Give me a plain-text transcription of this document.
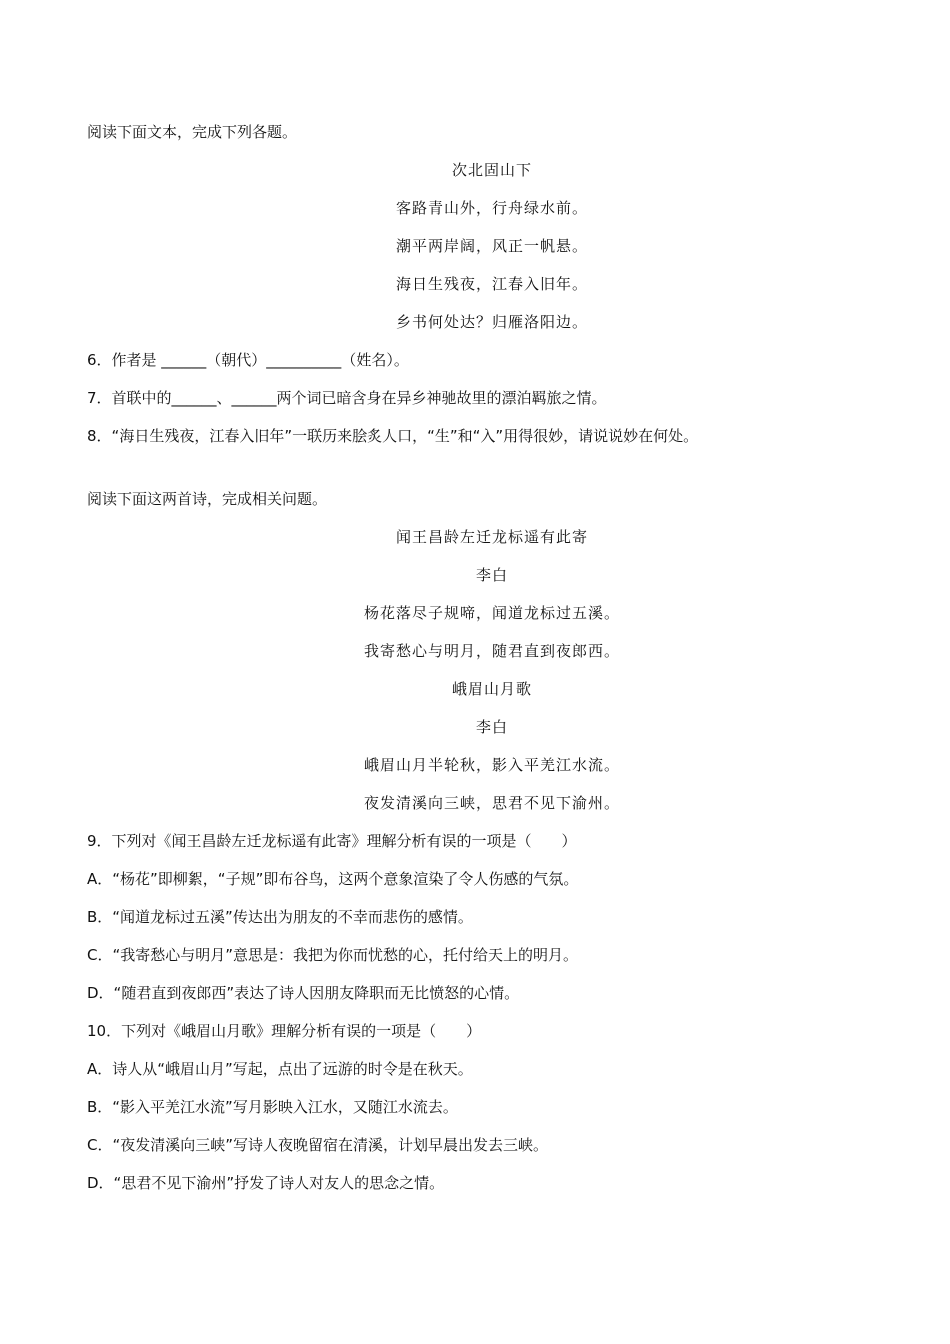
阅读下面文本，完成下列各题。
次北固山下
客路青山外，行舟绿水前。
潮平两岸阔，风正一帆悬。
海日生残夜，江春入旧年。
乡书何处达？归雁洛阳边。
6．作者是 ______（朝代）__________（姓名）。
7．首联中的______、______两个词已暗含身在异乡神驰故里的漂泊羁旅之情。
8．“海日生残夜，江春入旧年”一联历来脍炙人口，“生”和“入”用得很妙，请说说妙在何处。
阅读下面这两首诗，完成相关问题。
闻王昌龄左迁龙标遥有此寄
李白
杨花落尽子规啼，闻道龙标过五溪。
我寄愁心与明月，随君直到夜郎西。
峨眉山月歌
李白
峨眉山月半轮秋，影入平羌江水流。
夜发清溪向三峡，思君不见下渝州。
9．下列对《闻王昌龄左迁龙标遥有此寄》理解分析有误的一项是（　　）
A．“杨花”即柳絮，“子规”即布谷鸟，这两个意象渲染了令人伤感的气氛。
B．“闻道龙标过五溪”传达出为朋友的不幸而悲伤的感情。
C．“我寄愁心与明月”意思是：我把为你而忧愁的心，托付给天上的明月。
D．“随君直到夜郎西”表达了诗人因朋友降职而无比愤怒的心情。
10．下列对《峨眉山月歌》理解分析有误的一项是（　　）
A．诗人从“峨眉山月”写起，点出了远游的时令是在秋天。
B．“影入平羌江水流”写月影映入江水，又随江水流去。
C．“夜发清溪向三峡”写诗人夜晚留宿在清溪，计划早晨出发去三峡。
D．“思君不见下渝州”抒发了诗人对友人的思念之情。
